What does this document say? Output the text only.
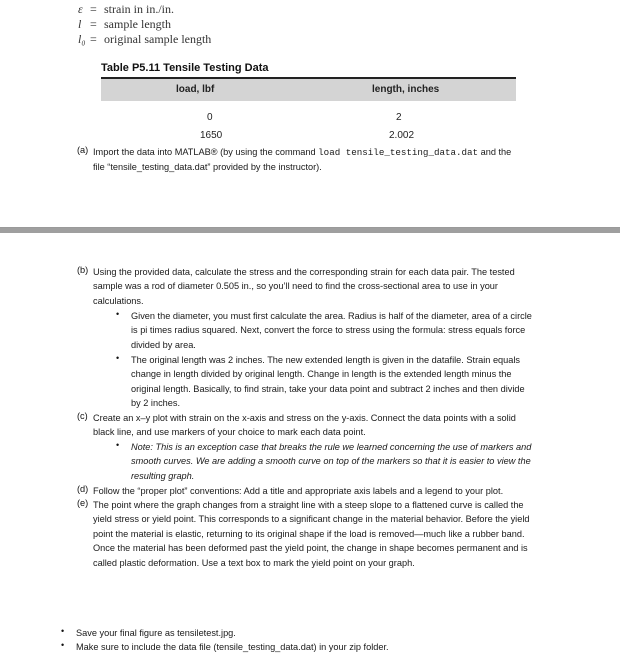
ε = strain in in./in.
l = sample length
l₀ = original sample length
Table P5.11 Tensile Testing Data
load, lbf	length, inches
0	2
1650	2.002
(a) Import the data into MATLAB® (by using the command load tensile_testing_data.dat and the
file “tensile_testing_data.dat” provided by the instructor).
(b) Using the provided data, calculate the stress and the corresponding strain for each data pair. The tested
sample was a rod of diameter 0.505 in., so you’ll need to find the cross-sectional area to use in your
calculations.
• Given the diameter, you must first calculate the area. Radius is half of the diameter, area of a circle
is pi times radius squared. Next, convert the force to stress using the formula: stress equals force
divided by area.
• The original length was 2 inches. The new extended length is given in the datafile. Strain equals
change in length divided by original length. Change in length is the extended length minus the
original length. Basically, to find strain, take your data point and subtract 2 inches and then divide
by 2 inches.
(c) Create an x–y plot with strain on the x-axis and stress on the y-axis. Connect the data points with a solid
black line, and use markers of your choice to mark each data point.
• Note: This is an exception case that breaks the rule we learned concerning the use of markers and
smooth curves. We are adding a smooth curve on top of the markers so that it is easier to view the
resulting graph.
(d) Follow the “proper plot” conventions: Add a title and appropriate axis labels and a legend to your plot.
(e) The point where the graph changes from a straight line with a steep slope to a flattened curve is called the
yield stress or yield point. This corresponds to a significant change in the material behavior. Before the yield
point the material is elastic, returning to its original shape if the load is removed—much like a rubber band.
Once the material has been deformed past the yield point, the change in shape becomes permanent and is
called plastic deformation. Use a text box to mark the yield point on your graph.
• Save your final figure as tensiletest.jpg.
• Make sure to include the data file (tensile_testing_data.dat) in your zip folder.
